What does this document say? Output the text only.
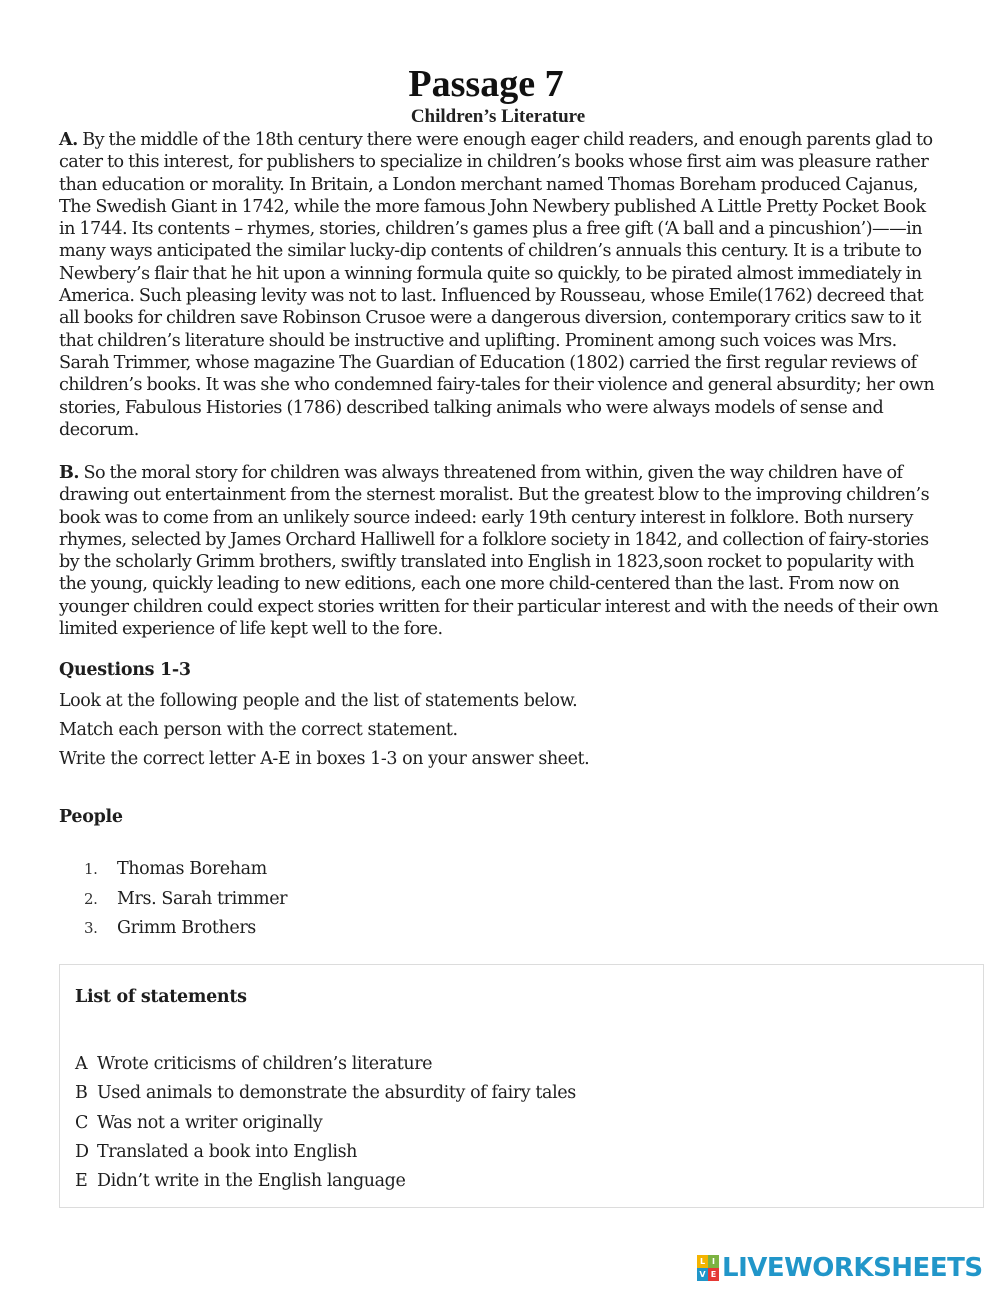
Passage 7
Children’s Literature

A. By the middle of the 18th century there were enough eager child readers, and enough parents glad to cater to this interest, for publishers to specialize in children’s books whose first aim was pleasure rather than education or morality. In Britain, a London merchant named Thomas Boreham produced Cajanus, The Swedish Giant in 1742, while the more famous John Newbery published A Little Pretty Pocket Book in 1744. Its contents – rhymes, stories, children’s games plus a free gift (‘A ball and a pincushion’)——in many ways anticipated the similar lucky-dip contents of children’s annuals this century. It is a tribute to Newbery’s flair that he hit upon a winning formula quite so quickly, to be pirated almost immediately in America. Such pleasing levity was not to last. Influenced by Rousseau, whose Emile(1762) decreed that all books for children save Robinson Crusoe were a dangerous diversion, contemporary critics saw to it that children’s literature should be instructive and uplifting. Prominent among such voices was Mrs. Sarah Trimmer, whose magazine The Guardian of Education (1802) carried the first regular reviews of children’s books. It was she who condemned fairy-tales for their violence and general absurdity; her own stories, Fabulous Histories (1786) described talking animals who were always models of sense and decorum.

B. So the moral story for children was always threatened from within, given the way children have of drawing out entertainment from the sternest moralist. But the greatest blow to the improving children’s book was to come from an unlikely source indeed: early 19th century interest in folklore. Both nursery rhymes, selected by James Orchard Halliwell for a folklore society in 1842, and collection of fairy-stories by the scholarly Grimm brothers, swiftly translated into English in 1823,soon rocket to popularity with the young, quickly leading to new editions, each one more child-centered than the last. From now on younger children could expect stories written for their particular interest and with the needs of their own limited experience of life kept well to the fore.

Questions 1-3
Look at the following people and the list of statements below.
Match each person with the correct statement.
Write the correct letter A-E in boxes 1-3 on your answer sheet.
People
1.	Thomas Boreham
2.	Mrs. Sarah trimmer
3.	Grimm Brothers
List of statements
A Wrote criticisms of children’s literature
B Used animals to demonstrate the absurdity of fairy tales
C Was not a writer originally
D Translated a book into English
E Didn’t write in the English language
L I
V E LIVEWORKSHEETS
